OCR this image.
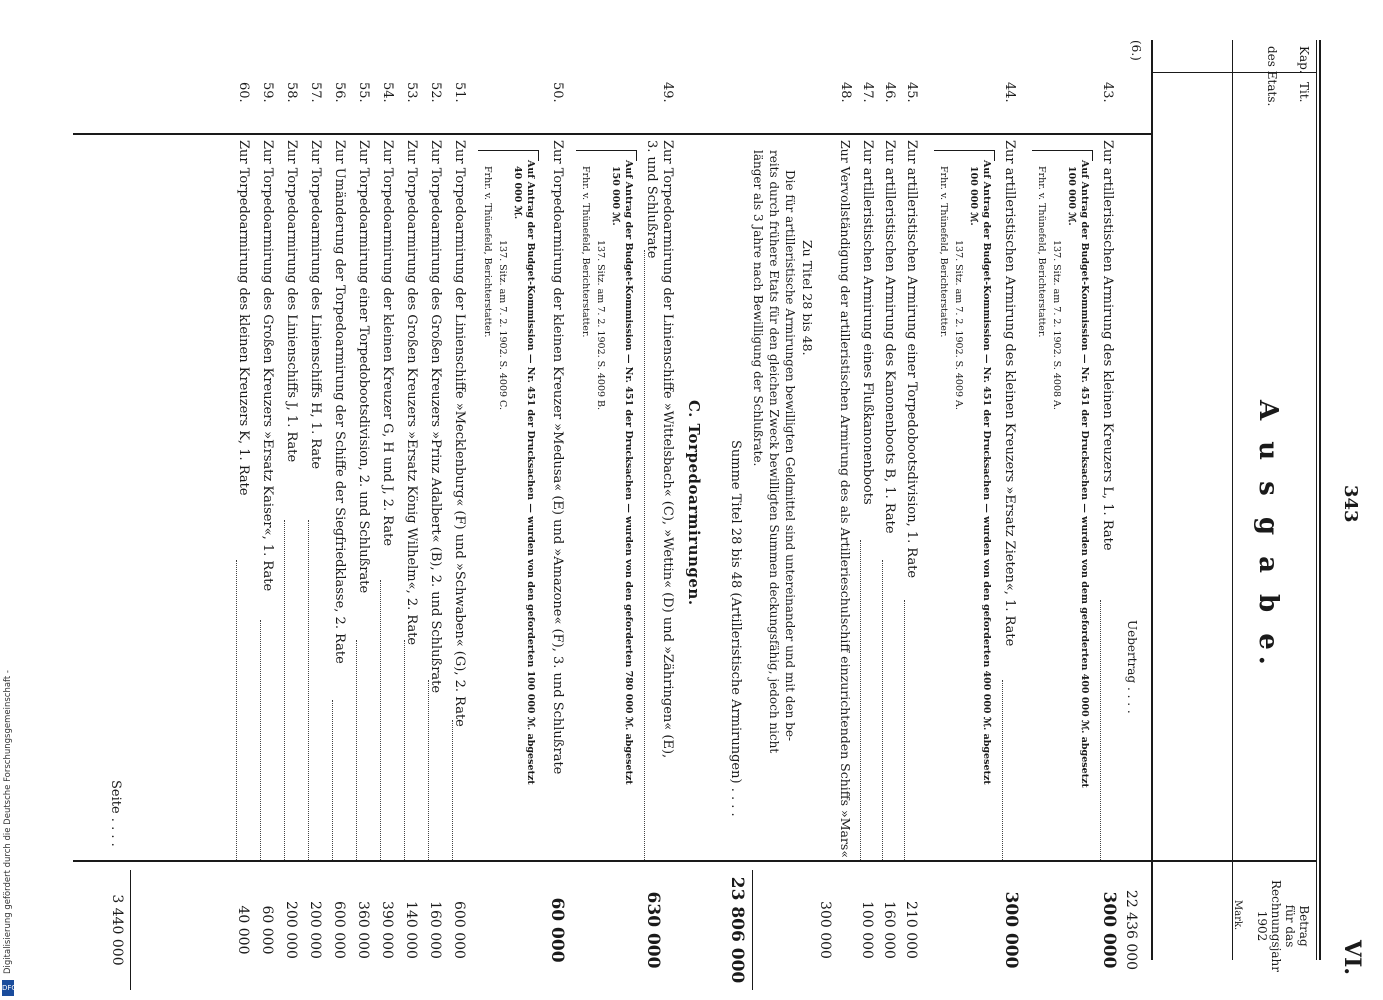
343
VI.
A u s g a b e.
Kap.
Tit.
des Etats.
Betrag
für das
Rechnungsjahr
1902
Mark.
(6.)
Uebertrag . . . .
22 436 000
43.
Zur artilleristischen Armirung des kleinen Kreuzers L, 1. Rate
300 000
Auf Antrag der Budget-Kommission — Nr. 451 der Drucksachen — wurden von dem geforderten 400 000 ℳ. abgesetzt
100 000 ℳ.
137. Sitz. am 7. 2. 1902. S. 4008 A.
Frhr. v. Thünefeld, Berichterstatter.
44.
Zur artilleristischen Armirung des kleinen Kreuzers »Ersatz Zieten«, 1. Rate
300 000
Auf Antrag der Budget-Kommission — Nr. 451 der Drucksachen — wurden von den geforderten 400 000 ℳ. abgesetzt
100 000 ℳ.
137. Sitz. am 7. 2. 1902. S. 4009 A.
Frhr. v. Thünefeld, Berichterstatter.
45.
Zur artilleristischen Armirung einer Torpedobootsdivision, 1. Rate
210 000
46.
Zur artilleristischen Armirung des Kanonenboots B, 1. Rate
160 000
47.
Zur artilleristischen Armirung eines Flußkanonenboots
100 000
48.
Zur Vervollständigung der artilleristischen Armirung des als Artillerieschulschiff einzurichtenden Schiffs »Mars«
300 000
Zu Titel 28 bis 48.
Die für artilleristische Armirungen bewilligten Geldmittel sind untereinander und mit den be-
reits durch frühere Etats für den gleichen Zweck bewilligten Summen deckungsfähig, jedoch nicht
länger als 3 Jahre nach Bewilligung der Schlußrate.
Summe Titel 28 bis 48 (Artilleristische Armirungen) . . . .
23 806 000
C. Torpedoarmirungen.
49.
Zur Torpedoarmirung der Linienschiffe »Wittelsbach« (C), »Wettin« (D) und »Zähringen« (E),
3. und Schlußrate
630 000
Auf Antrag der Budget-Kommission — Nr. 451 der Drucksachen — wurden von den geforderten 780 000 ℳ. abgesetzt
150 000 ℳ.
137. Sitz. am 7. 2. 1902. S. 4009 B.
Frhr. v. Thünefeld, Berichterstatter.
50.
Zur Torpedoarmirung der kleinen Kreuzer »Medusa« (E) und »Amazone« (F), 3. und Schlußrate
60 000
Auf Antrag der Budget-Kommission — Nr. 451 der Drucksachen — wurden von den geforderten 100 000 ℳ. abgesetzt
40 000 ℳ.
137. Sitz. am 7. 2. 1902. S. 4009 C.
Frhr. v. Thünefeld, Berichterstatter.
51.
Zur Torpedoarmirung der Linienschiffe »Mecklenburg« (F) und »Schwaben« (G), 2. Rate
600 000
52.
Zur Torpedoarmirung des Großen Kreuzers »Prinz Adalbert« (B), 2. und Schlußrate
160 000
53.
Zur Torpedoarmirung des Großen Kreuzers »Ersatz König Wilhelm«, 2. Rate
140 000
54.
Zur Torpedoarmirung der kleinen Kreuzer G, H und J, 2. Rate
390 000
55.
Zur Torpedoarmirung einer Torpedobootsdivision, 2. und Schlußrate
360 000
56.
Zur Umänderung der Torpedoarmirung der Schiffe der Siegfriedklasse, 2. Rate
600 000
57.
Zur Torpedoarmirung des Linienschiffs H, 1. Rate
200 000
58.
Zur Torpedoarmirung des Linienschiffs J, 1. Rate
200 000
59.
Zur Torpedoarmirung des Großen Kreuzers »Ersatz Kaiser«, 1. Rate
60 000
60.
Zur Torpedoarmirung des kleinen Kreuzers K, 1. Rate
40 000
Seite . . . .
3 440 000
Digitalisierung gefördert durch die Deutsche Forschungsgemeinschaft -
DFG
